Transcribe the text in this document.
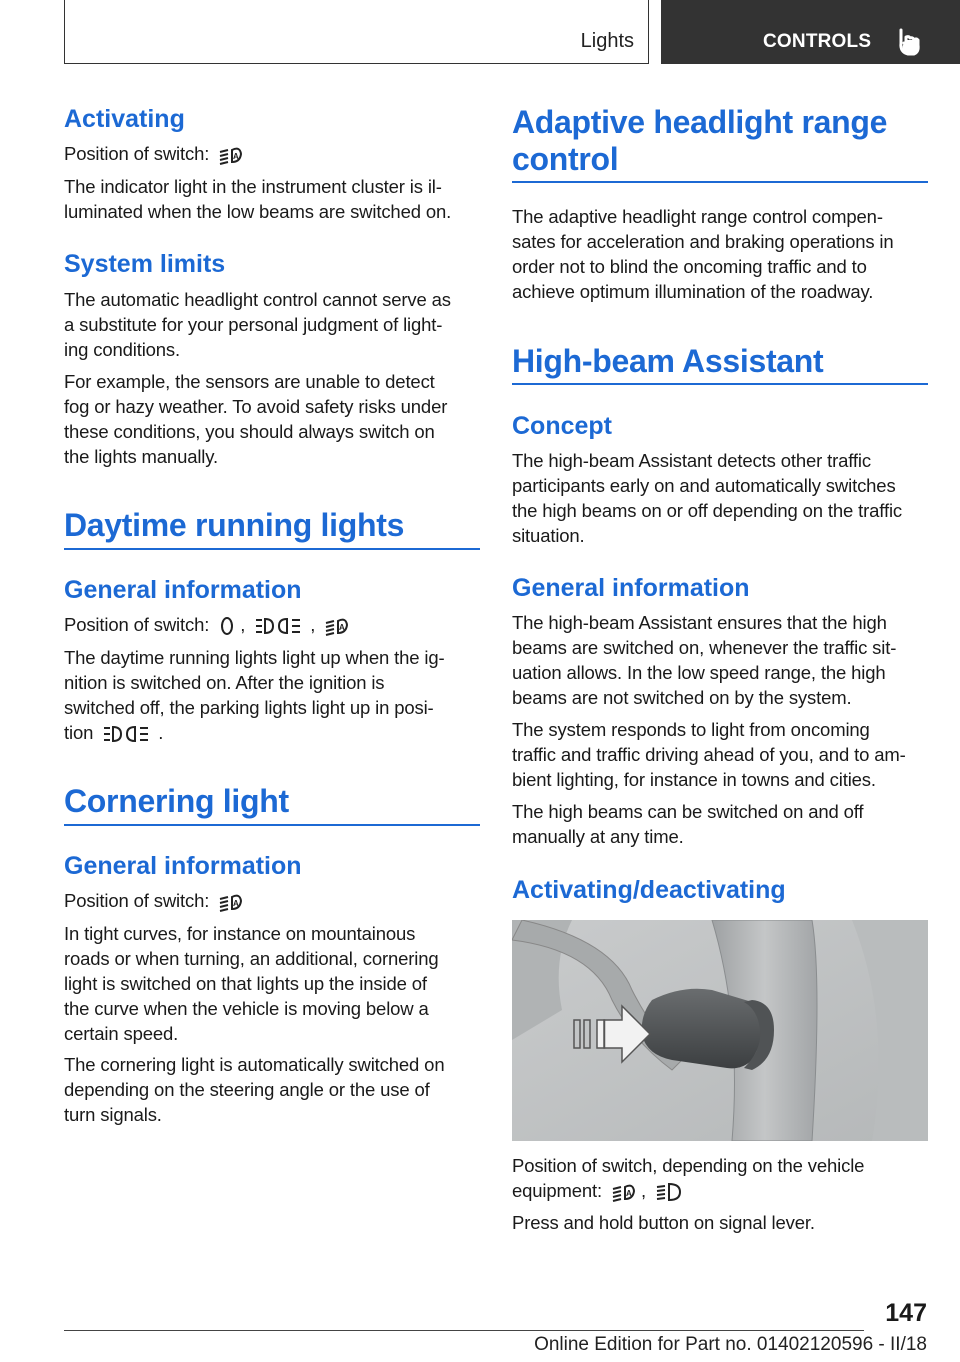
Lights	CONTROLS
Activating
Position of switch:	A
The indicator light in the instrument cluster is il-
luminated when the low beams are switched on.
System limits
The automatic headlight control cannot serve as
a substitute for your personal judgment of light-
ing conditions.
For example, the sensors are unable to detect
fog or hazy weather. To avoid safety risks under
these conditions, you should always switch on
the lights manually.
Daytime running lights
General information
Position of switch: ,	,	A
The daytime running lights light up when the ig-
nition is switched on. After the ignition is
switched off, the parking lights light up in posi-
tion	.
Cornering light
General information
Position of switch:	A
In tight curves, for instance on mountainous
roads or when turning, an additional, cornering
light is switched on that lights up the inside of
the curve when the vehicle is moving below a
certain speed.
The cornering light is automatically switched on
depending on the steering angle or the use of
turn signals.
Adaptive headlight range
control
The adaptive headlight range control compen-
sates for acceleration and braking operations in
order not to blind the oncoming traffic and to
achieve optimum illumination of the roadway.
High-beam Assistant
Concept
The high-beam Assistant detects other traffic
participants early on and automatically switches
the high beams on or off depending on the traffic
situation.
General information
The high-beam Assistant ensures that the high
beams are switched on, whenever the traffic sit-
uation allows. In the low speed range, the high
beams are not switched on by the system.
The system responds to light from oncoming
traffic and traffic driving ahead of you, and to am-
bient lighting, for instance in towns and cities.
The high beams can be switched on and off
manually at any time.
Activating/deactivating
Position of switch, depending on the vehicle
equipment:	A ,
Press and hold button on signal lever.
147
Online Edition for Part no. 01402120596 - II/18
